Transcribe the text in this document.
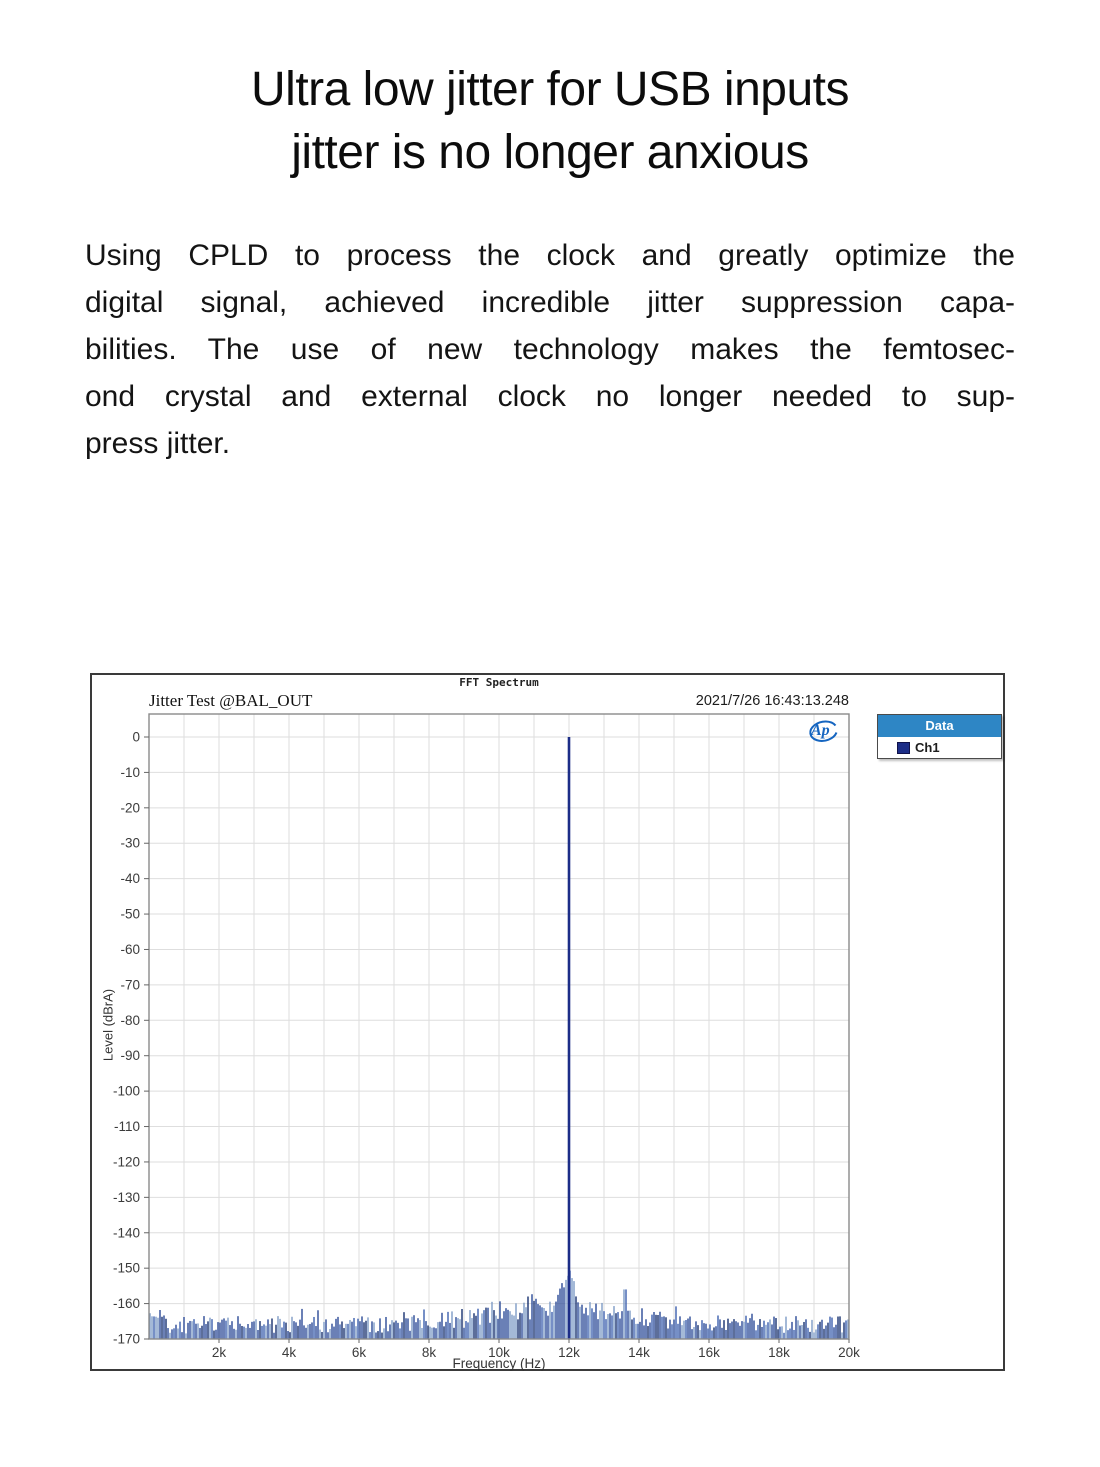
Ultra low jitter for USB inputs
jitter is no longer anxious
Using CPLD to process the clock and greatly optimize the
digital signal, achieved incredible jitter suppression capa-
bilities. The use of new technology makes the femtosec-
ond crystal and external clock no longer needed to sup-
press jitter.
0
-10
-20
-30
-40
-50
-60
-70
-80
-90
-100
-110
-120
-130
-140
-150
-160
-170
2k	4k	6k	8k	10k	12k	14k	16k	18k	20k
FFT Spectrum
Jitter Test @BAL_OUT	2021/7/26 16:43:13.248
Level (dBrA)
Frequency (Hz)
Ap	Data
Ch1
